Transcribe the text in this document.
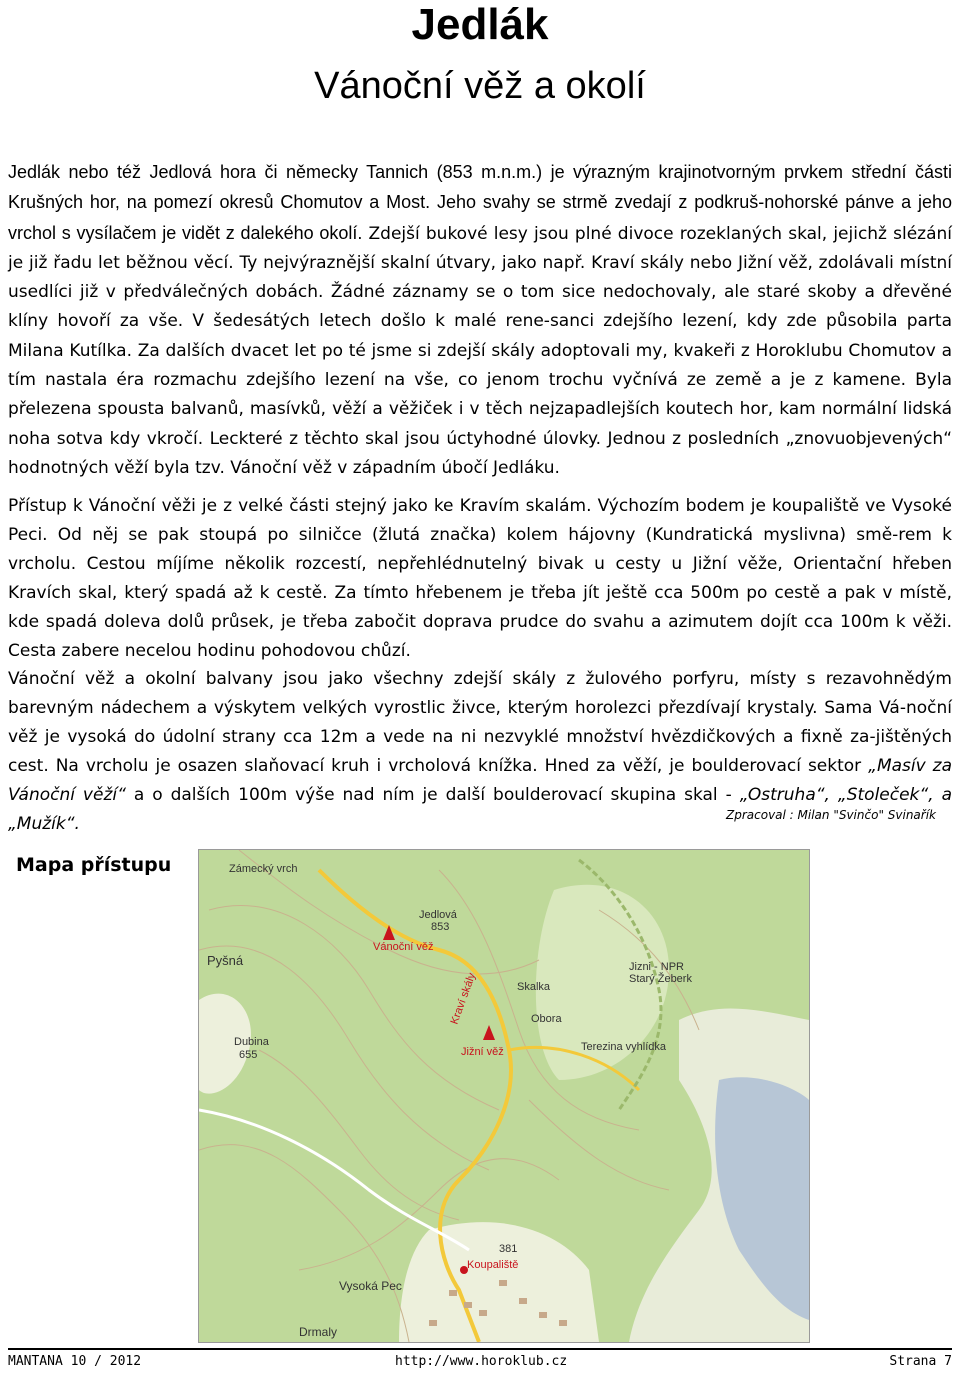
Jedlák
Vánoční věž a okolí
Jedlák nebo též Jedlová hora či německy Tannich (853 m.n.m.) je výrazným krajinotvorným prvkem střední části Krušných hor, na pomezí okresů Chomutov a Most. Jeho svahy se strmě zvedají z podkruš-nohorské pánve a jeho vrchol s vysílačem je vidět z dalekého okolí. Zdejší bukové lesy jsou plné divoce rozeklaných skal, jejichž slézání je již řadu let běžnou věcí. Ty nejvýraznější skalní útvary, jako např. Kraví skály nebo Jižní věž, zdolávali místní usedlíci již v předválečných dobách. Žádné záznamy se o tom sice nedochovaly, ale staré skoby a dřevěné klíny hovoří za vše. V šedesátých letech došlo k malé rene-sanci zdejšího lezení, kdy zde působila parta Milana Kutílka. Za dalších dvacet let po té jsme si zdejší skály adoptovali my, kvakeři z Horoklubu Chomutov a tím nastala éra rozmachu zdejšího lezení na vše, co jenom trochu vyčnívá ze země a je z kamene. Byla přelezena spousta balvanů, masívků, věží a věžiček i v těch nejzapadlejších koutech hor, kam normální lidská noha sotva kdy vkročí. Leckteré z těchto skal jsou úctyhodné úlovky. Jednou z posledních „znovuobjevených“ hodnotných věží byla tzv. Vánoční věž v západním úbočí Jedláku.
Přístup k Vánoční věži je z velké části stejný jako ke Kravím skalám. Výchozím bodem je koupaliště ve Vysoké Peci. Od něj se pak stoupá po silničce (žlutá značka) kolem hájovny (Kundratická myslivna) smě-rem k vrcholu. Cestou míjíme několik rozcestí, nepřehlédnutelný bivak u cesty u Jižní věže, Orientační hřeben Kravích skal, který spadá až k cestě. Za tímto hřebenem je třeba jít ještě cca 500m po cestě a pak v místě, kde spadá doleva dolů průsek, je třeba zabočit doprava prudce do svahu a azimutem dojít cca 100m k věži. Cesta zabere necelou hodinu pohodovou chůzí.
Vánoční věž a okolní balvany jsou jako všechny zdejší skály z žulového porfyru, místy s rezavohnědým barevným nádechem a výskytem velkých vyrostlic živce, kterým horolezci přezdívají krystaly. Sama Vá-noční věž je vysoká do údolní strany cca 12m a vede na ni nezvyklé množství hvězdičkových a fixně za-jištěných cest. Na vrcholu je osazen slaňovací kruh i vrcholová knížka. Hned za věží, je boulderovací sektor „Masív za Vánoční věží“ a o dalších 100m výše nad ním je další boulderovací skupina skal - „Ostruha“, „Stoleček“, a „Mužík“.	Zpracoval : Milan "Svinčo" Svinařík
Mapa přístupu	Zámecký vrch
Pyšná
Dubina
655
Jedlová
853
Vánoční věž
Kraví skály
Jižní věž
Jizni - NPR
Starý Žeberk
Skalka
Obora
Terezina vyhlídka
Vysoká Pec
Koupaliště
381
Drmaly
MANTANA 10 / 2012	http://www.horoklub.cz	Strana 7
